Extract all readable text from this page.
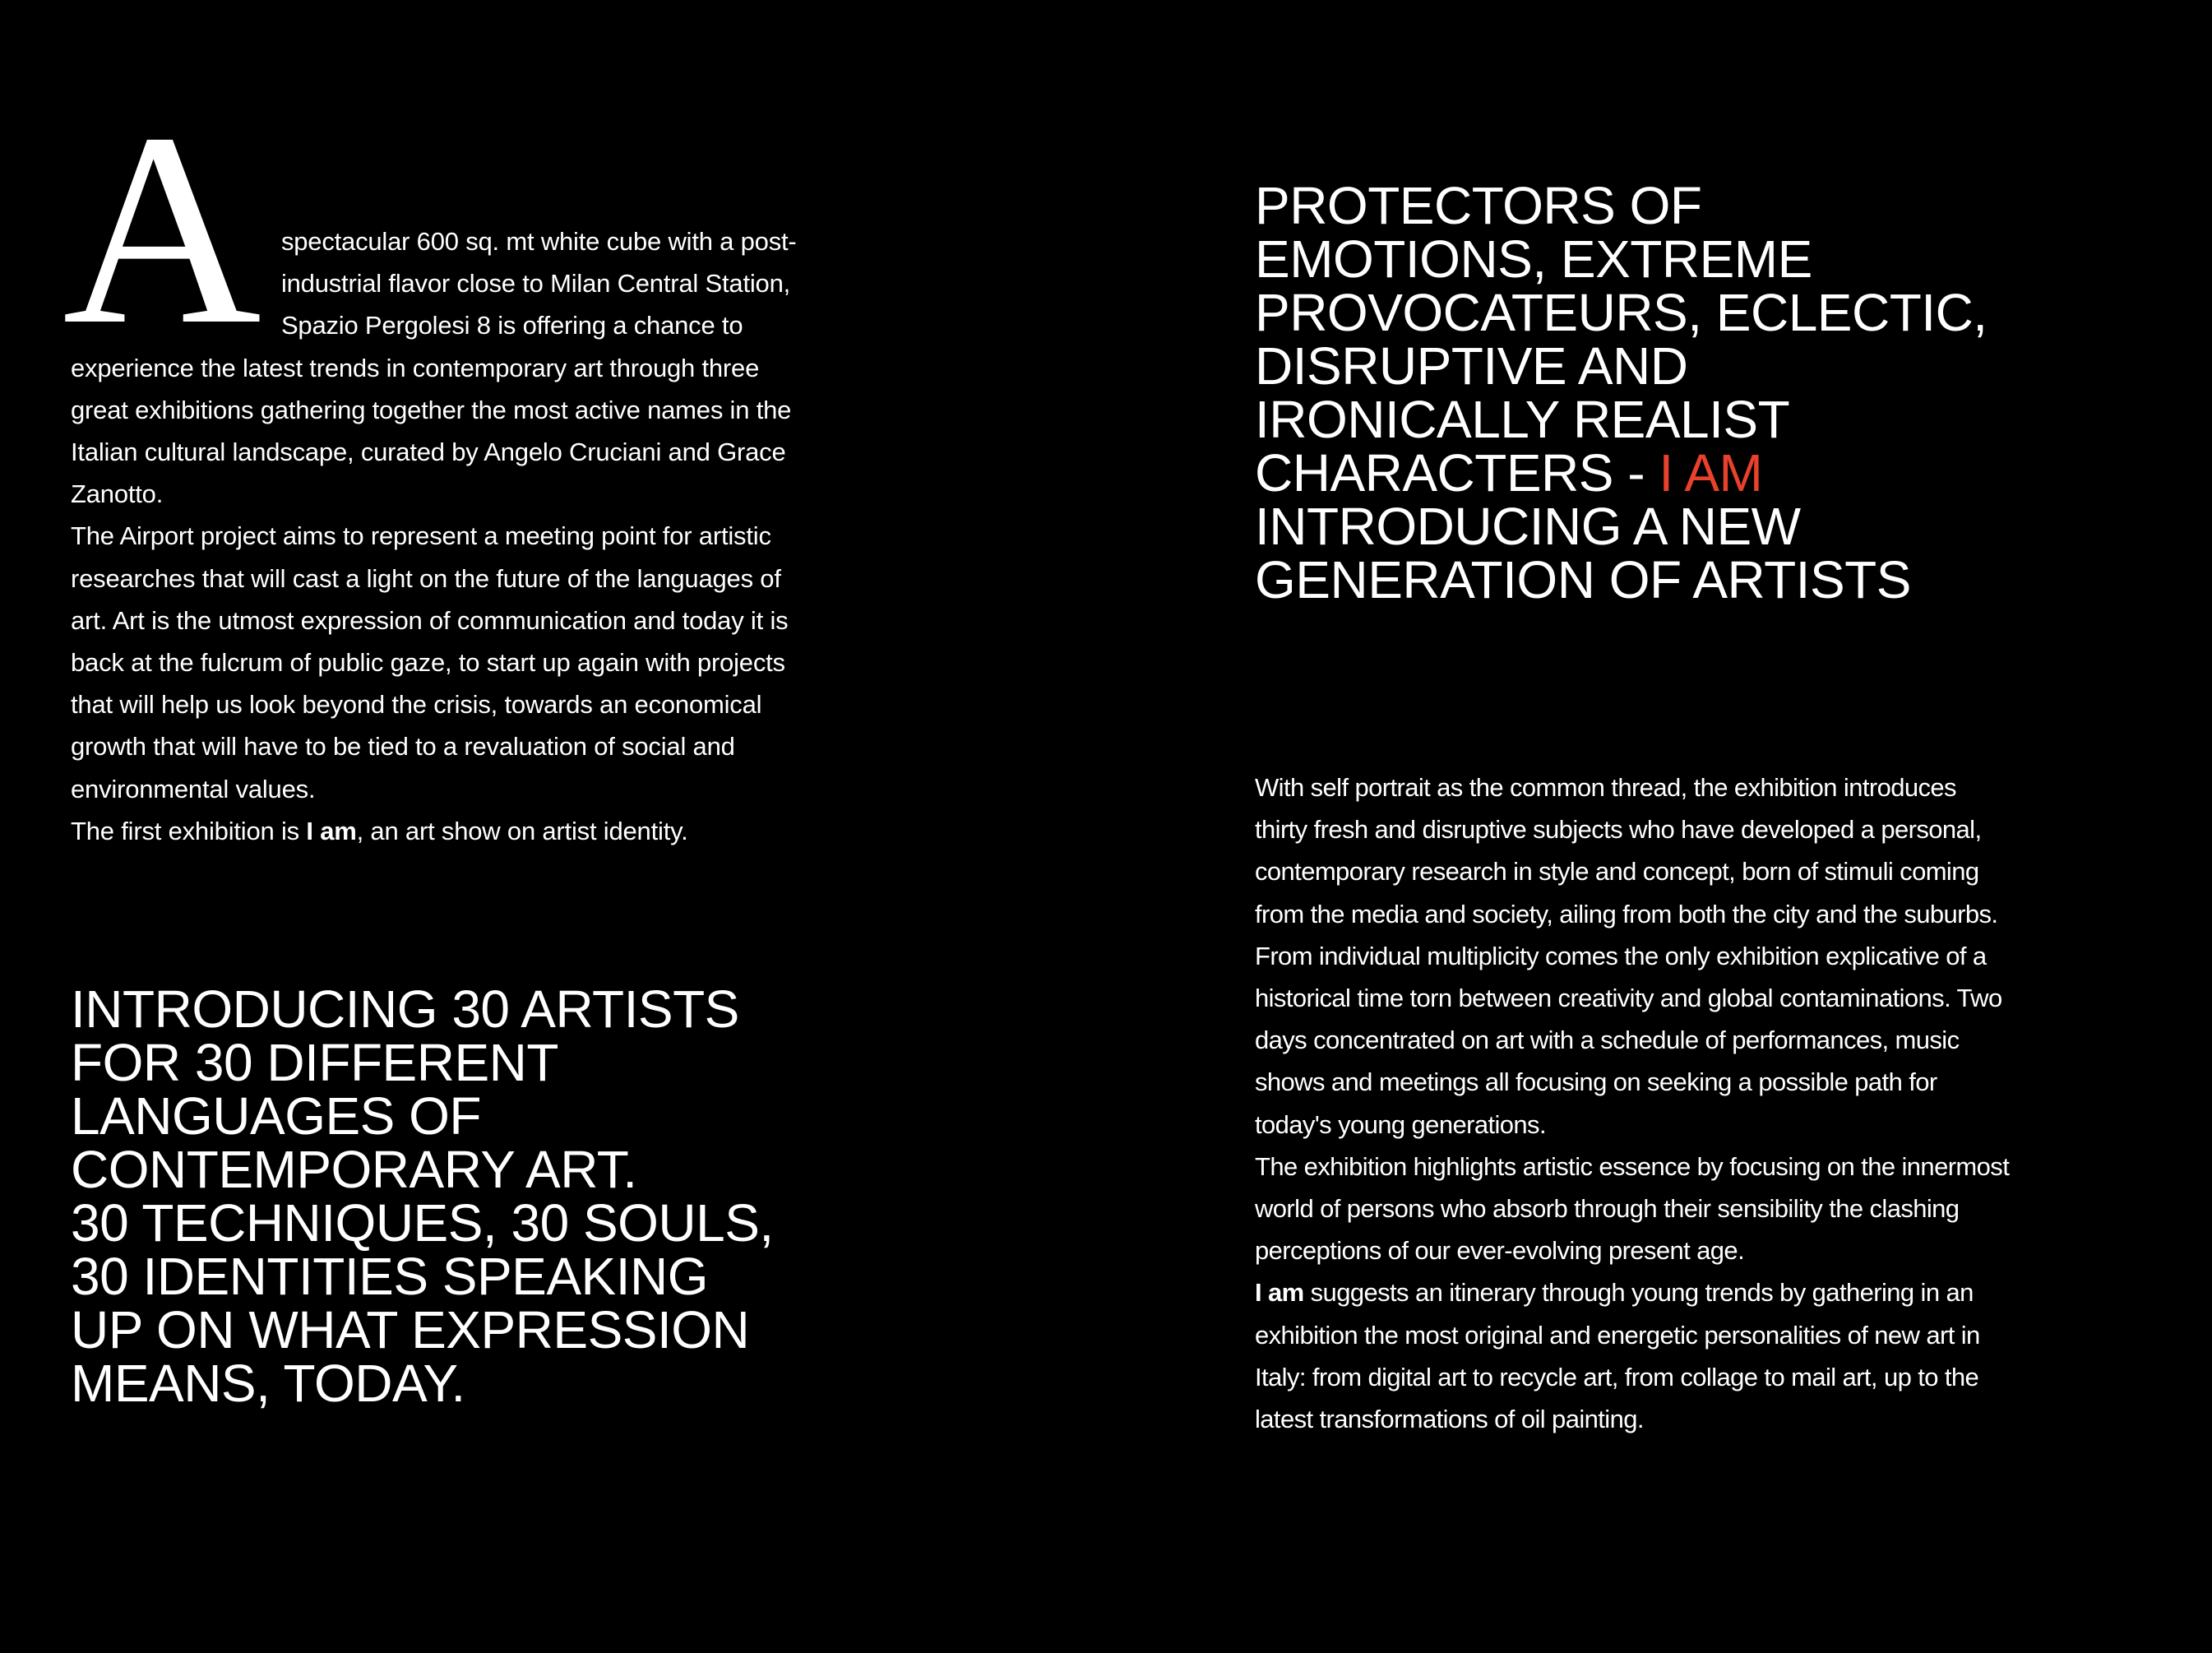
A spectacular 600 sq. mt white cube with a post-industrial flavor close to Milan Central Station, Spazio Pergolesi 8 is offering a chance to experience the latest trends in contemporary art through three great exhibitions gathering together the most active names in the Italian cultural landscape, curated by Angelo Cruciani and Grace Zanotto.

The Airport project aims to represent a meeting point for artistic researches that will cast a light on the future of the languages of art. Art is the utmost expression of communication and today it is back at the fulcrum of public gaze, to start up again with projects that will help us look beyond the crisis, towards an economical growth that will have to be tied to a revaluation of social and environmental values.

The first exhibition is I am, an art show on artist identity.

INTRODUCING 30 ARTISTS
FOR 30 DIFFERENT
LANGUAGES OF
CONTEMPORARY ART.
30 TECHNIQUES, 30 SOULS,
30 IDENTITIES SPEAKING
UP ON WHAT EXPRESSION
MEANS, TODAY.
PROTECTORS OF
EMOTIONS, EXTREME
PROVOCATEURS, ECLECTIC,
DISRUPTIVE AND
IRONICALLY REALIST
CHARACTERS - I AM
INTRODUCING A NEW
GENERATION OF ARTISTS

With self portrait as the common thread, the exhibition introduces thirty fresh and disruptive subjects who have developed a personal, contemporary research in style and concept, born of stimuli coming from the media and society, ailing from both the city and the suburbs. From individual multiplicity comes the only exhibition explicative of a historical time torn between creativity and global contaminations. Two days concentrated on art with a schedule of performances, music shows and meetings all focusing on seeking a possible path for today's young generations.

The exhibition highlights artistic essence by focusing on the innermost world of persons who absorb through their sensibility the clashing perceptions of our ever-evolving present age.

I am suggests an itinerary through young trends by gathering in an exhibition the most original and energetic personalities of new art in Italy: from digital art to recycle art, from collage to mail art, up to the latest transformations of oil painting.
